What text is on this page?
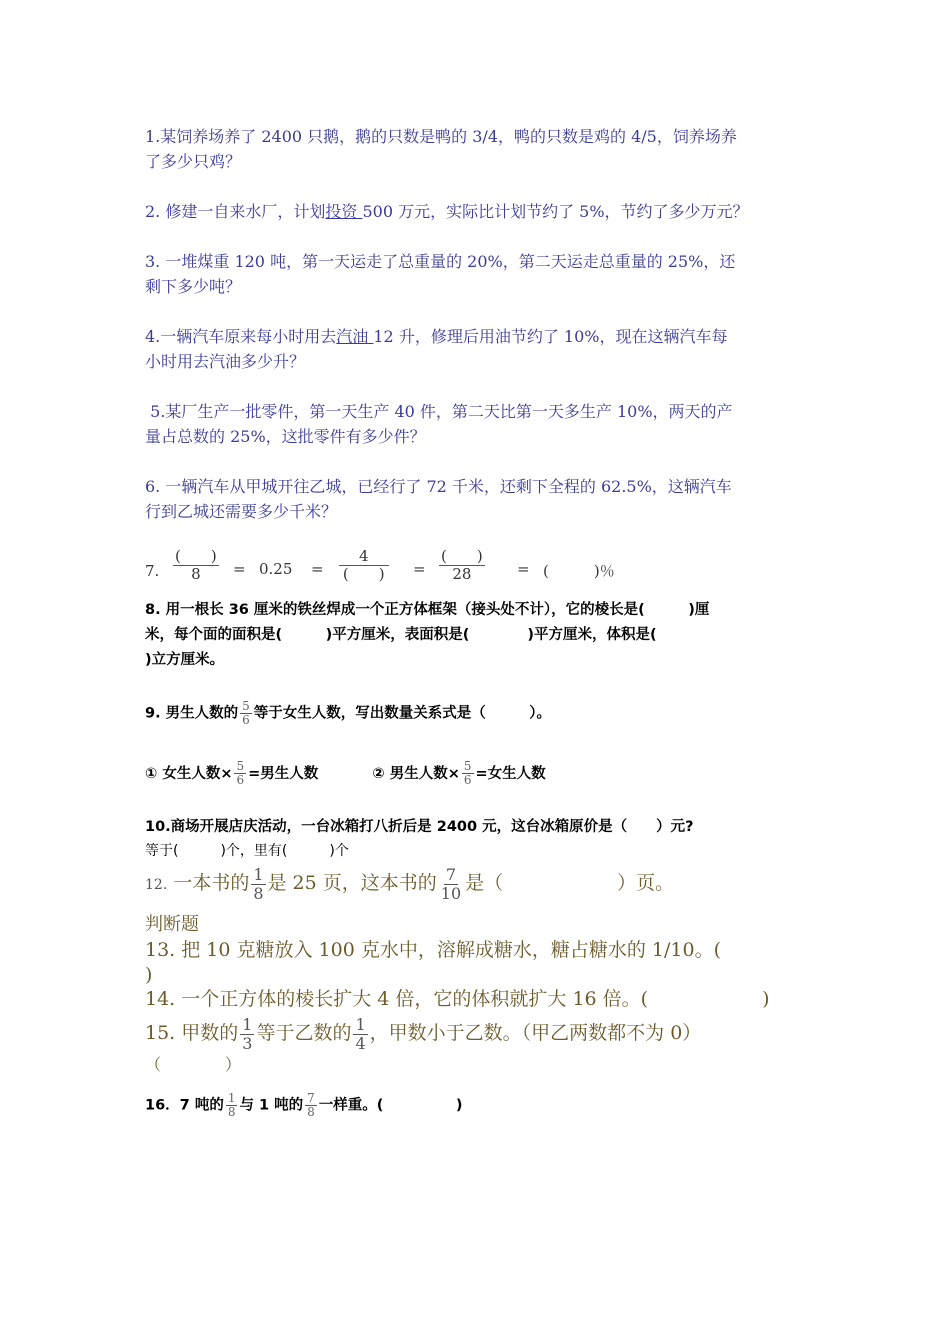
1.某饲养场养了 2400 只鹅，鹅的只数是鸭的 3/4，鸭的只数是鸡的 4/5，饲养场养
了多少只鸡？
2. 修建一自来水厂，计划投资 500 万元，实际比计划节约了 5%，节约了多少万元？
3. 一堆煤重 120 吨，第一天运走了总重量的 20%，第二天运走总重量的 25%，还
剩下多少吨？
4.一辆汽车原来每小时用去汽油 12 升，修理后用油节约了 10%，现在这辆汽车每
小时用去汽油多少升？
5.某厂生产一批零件，第一天生产 40 件，第二天比第一天多生产 10%，两天的产
量占总数的 25%，这批零件有多少件？
6. 一辆汽车从甲城开往乙城，已经行了 72 千米，还剩下全程的 62.5%，这辆汽车
行到乙城还需要多少千米？
7. $\frac{( )}{8} = 0.25 = \frac{4}{( )} = \frac{( )}{28}$ = (　　　)％
8. 用一根长 36 厘米的铁丝焊成一个正方体框架（接头处不计），它的棱长是(　　　)厘
米，每个面的面积是(　　　)平方厘米，表面积是(　　　　)平方厘米，体积是(
)立方厘米。
9. 男生人数的 $\frac{5}{6}$ 等于女生人数，写出数量关系式是（　　　）。
① 女生人数× $\frac{5}{6}$ =男生人数	② 男生人数× $\frac{5}{6}$ =女生人数
10.商场开展店庆活动，一台冰箱打八折后是 2400 元，这台冰箱原价是（　　）元?
等于(　　　)个，里有(　　　)个
12. 一本书的 $\frac{1}{8}$ 是 25 页，这本书的 $\frac{7}{10}$ 是（　　　　　　）页。
判断题
13. 把 10 克糖放入 100 克水中，溶解成糖水，糖占糖水的 1/10。(
)
14. 一个正方体的棱长扩大 4 倍，它的体积就扩大 16 倍。(　　　　　　)
15. 甲数的 $\frac{1}{3}$ 等于乙数的 $\frac{1}{4}$ ，甲数小于乙数。（甲乙两数都不为 0）
（　　　　）
16．7 吨的 $\frac{1}{8}$ 与 1 吨的 $\frac{7}{8}$ 一样重。(　　　　　)
